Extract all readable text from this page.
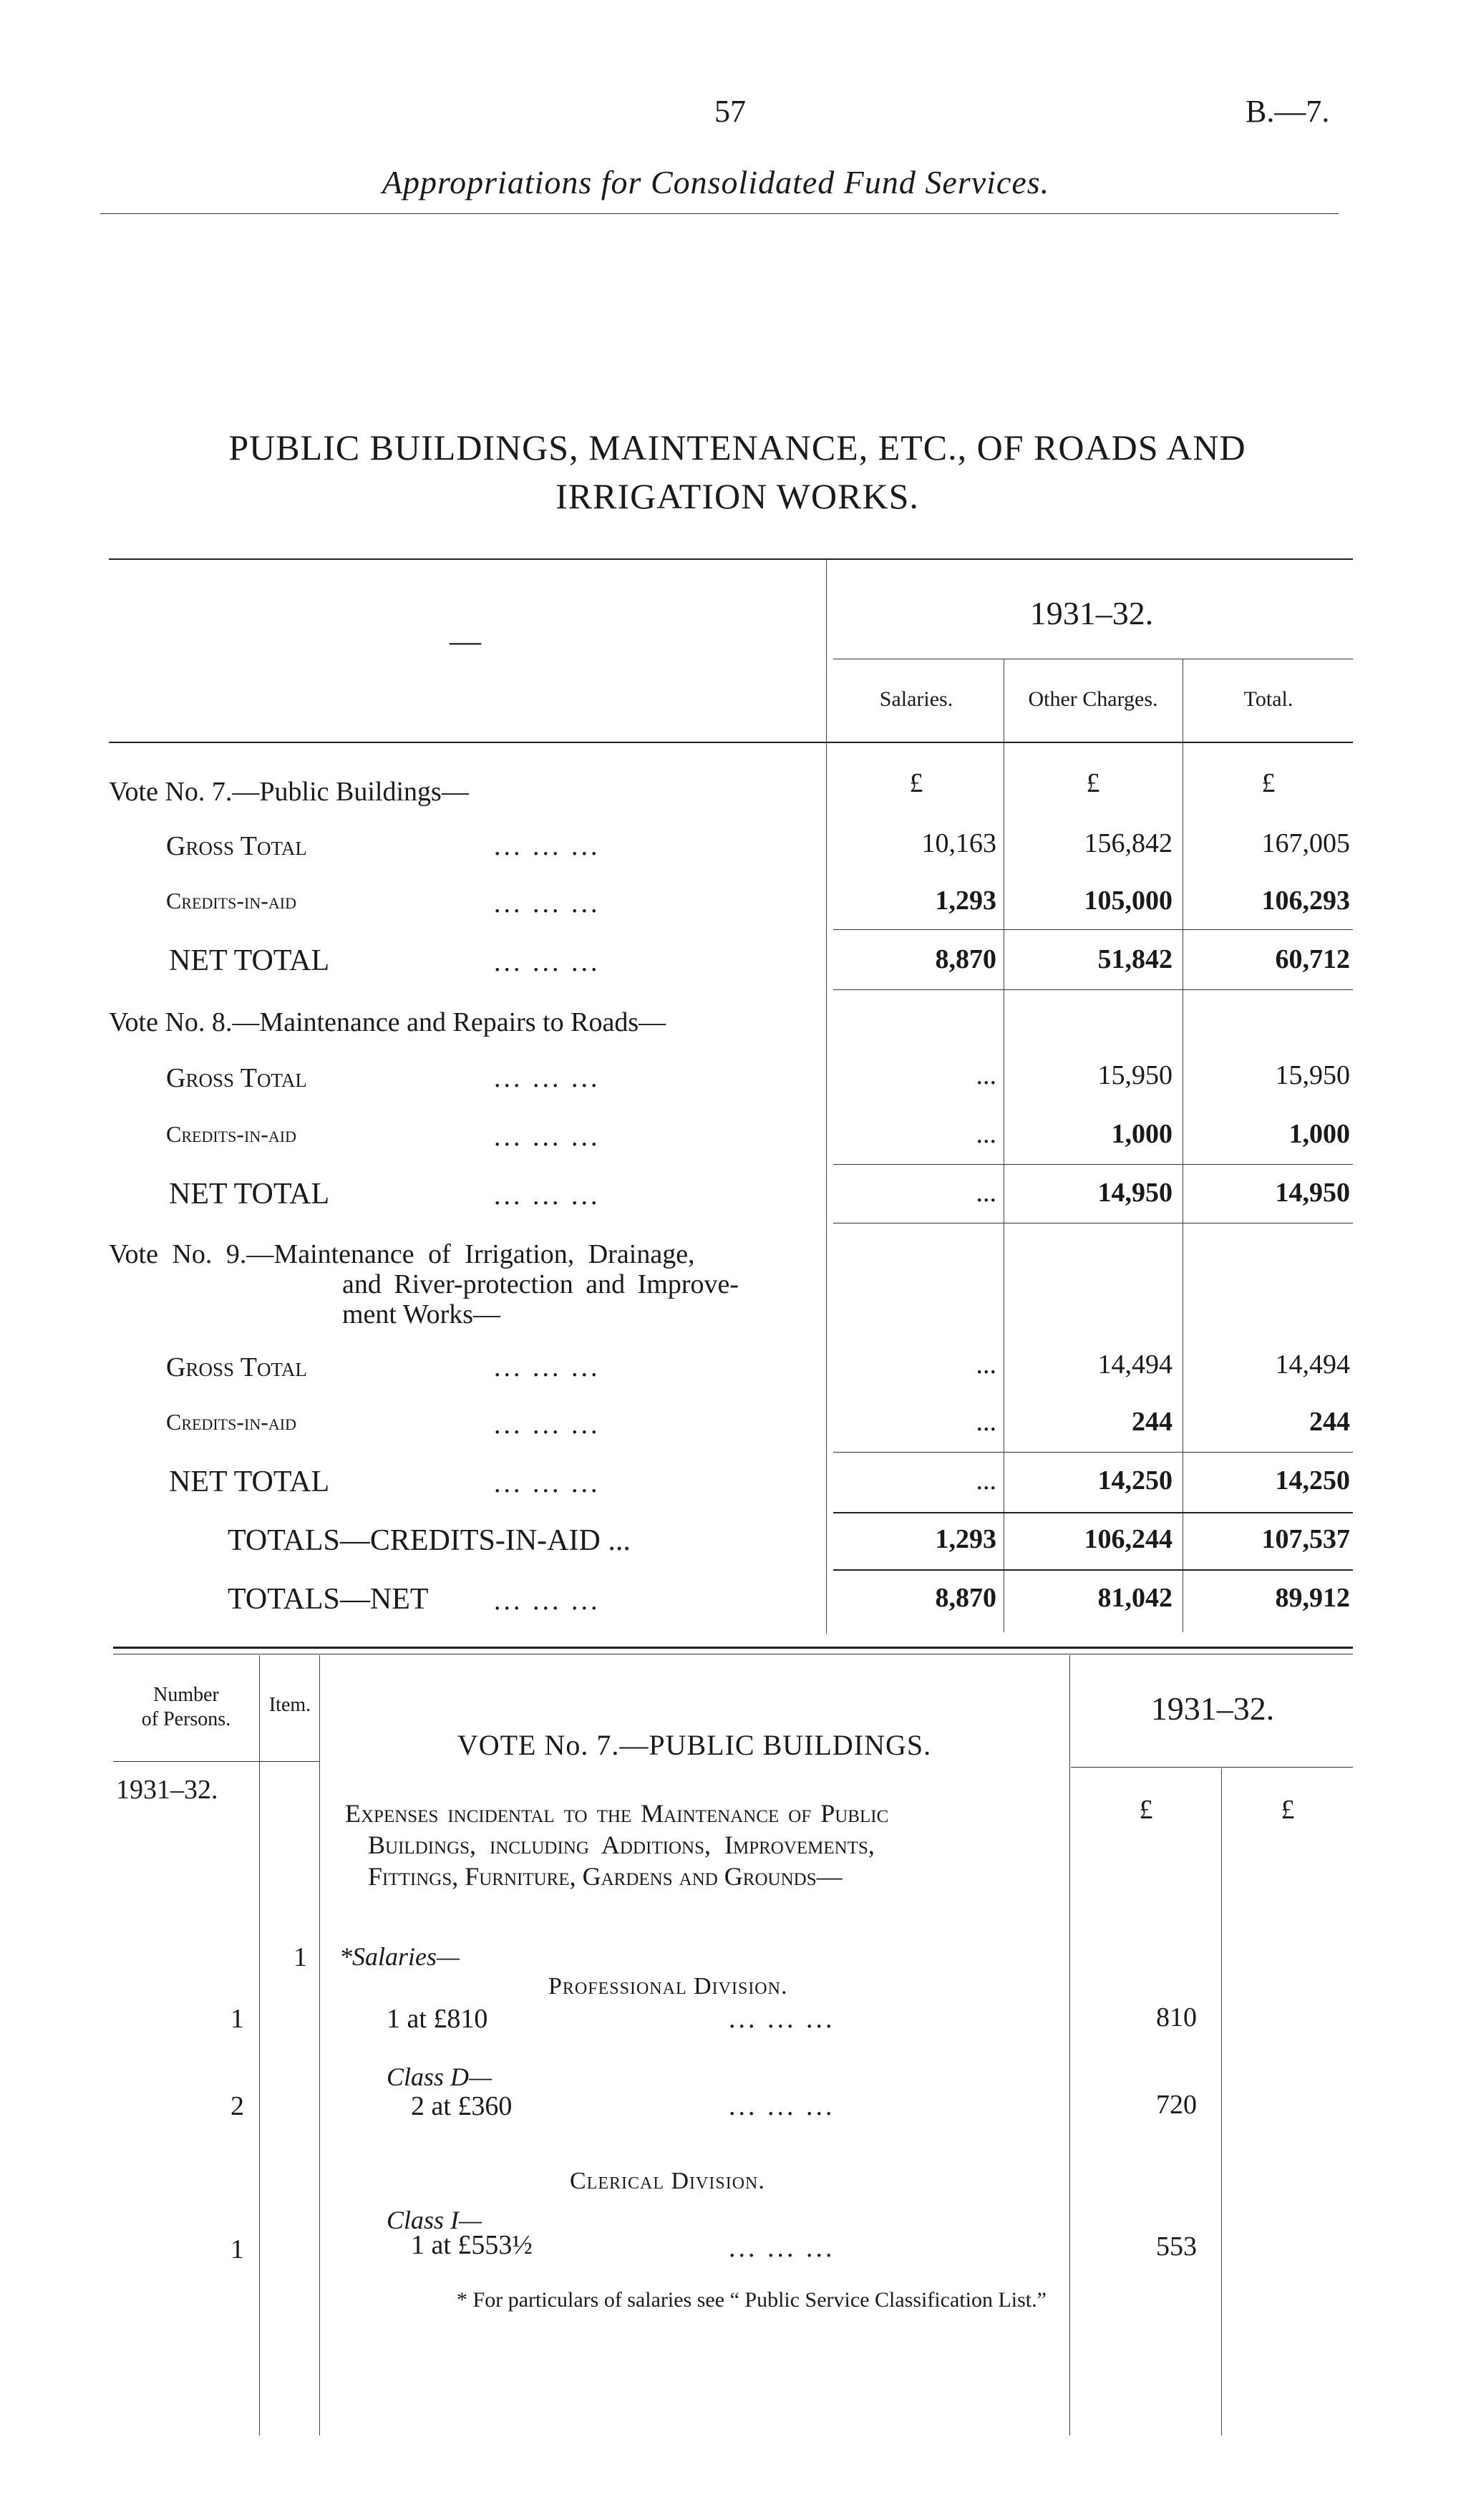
57	B.—7.
Appropriations for Consolidated Fund Services.
PUBLIC BUILDINGS, MAINTENANCE, ETC., OF ROADS AND
IRRIGATION WORKS.
—
1931–32.
Salaries.	Other Charges.	Total.
Vote No. 7.—Public Buildings—	£	£	£
Gross Total	... ... ...	10,163	156,842	167,005
Credits-in-aid	... ... ...	1,293	105,000	106,293
NET TOTAL	... ... ...	8,870	51,842	60,712
Vote No. 8.—Maintenance and Repairs to Roads—
Gross Total	... ... ...	...	15,950	15,950
Credits-in-aid	... ... ...	...	1,000	1,000
NET TOTAL	... ... ...	...	14,950	14,950
Vote No. 9.—Maintenance of Irrigation, Drainage,
and River-protection and Improve-
ment Works—
Gross Total	... ... ...	...	14,494	14,494
Credits-in-aid	... ... ...	...	244	244
NET TOTAL	... ... ...	...	14,250	14,250
TOTALS—CREDITS-IN-AID ...	1,293	106,244	107,537
TOTALS—NET ... ... ...	8,870	81,042	89,912
Number
of Persons.
Item.
VOTE No. 7.—PUBLIC BUILDINGS.
1931–32.
1931–32.
Expenses incidental to the Maintenance of Public
Buildings, including Additions, Improvements,
Fittings, Furniture, Gardens and Grounds—
£	£
1 *Salaries—
Professional Division.
1	1 at £810	... ... ...	810
Class D—
2	2 at £360	... ... ...	720
Clerical Division.
Class I—
1	1 at £553½	... ... ...	553
* For particulars of salaries see “ Public Service Classification List.”
